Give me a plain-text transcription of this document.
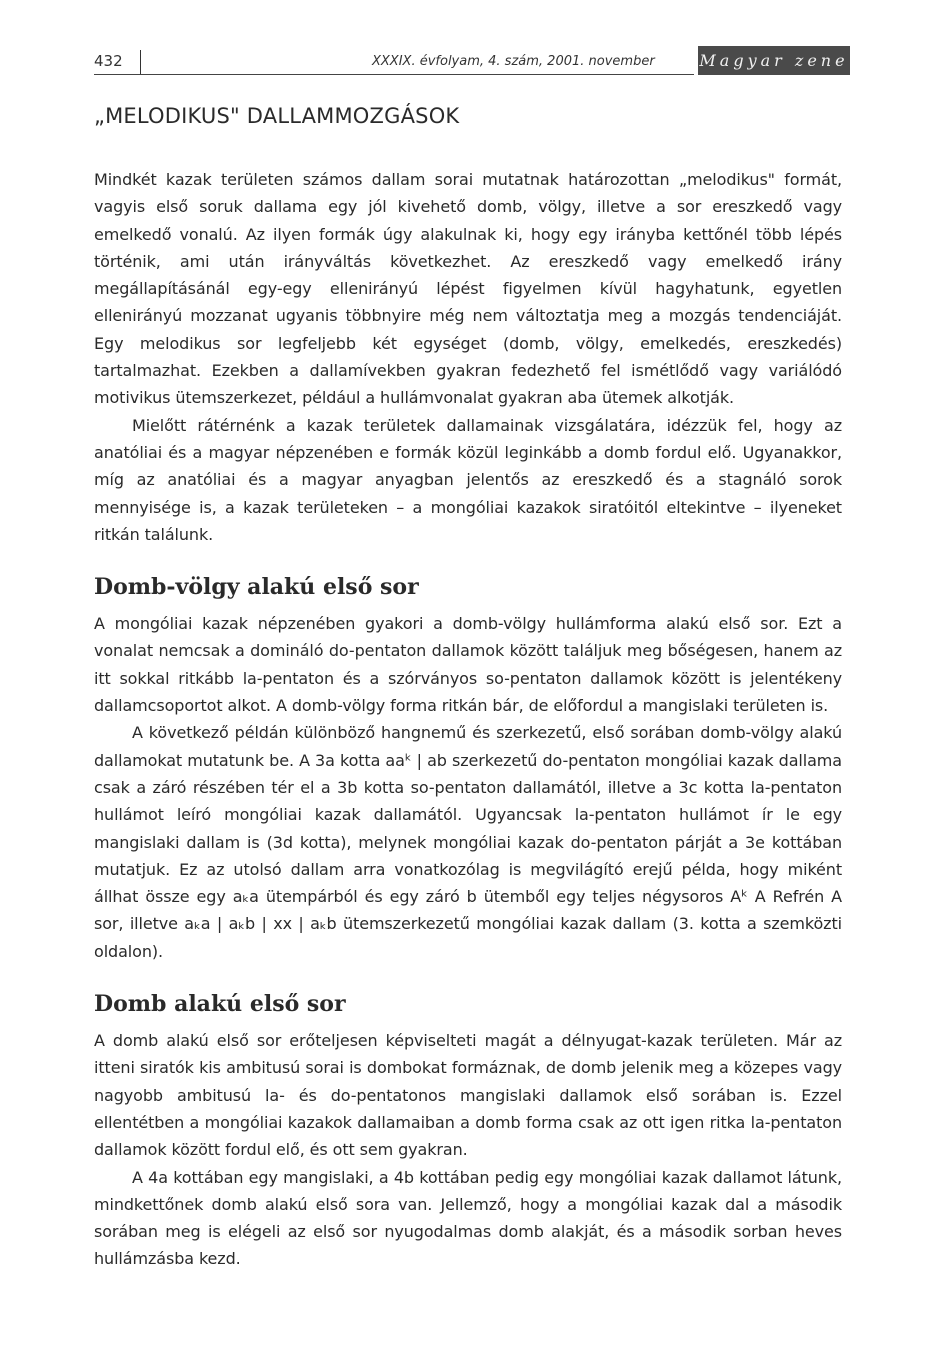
432	XXXIX. évfolyam, 4. szám, 2001. november	Magyar zene
„MELODIKUS" DALLAMMOZGÁSOK

Mindkét kazak területen számos dallam sorai mutatnak határozottan „melodikus" formát, vagyis első soruk dallama egy jól kivehető domb, völgy, illetve a sor ereszkedő vagy emelkedő vonalú. Az ilyen formák úgy alakulnak ki, hogy egy irányba kettőnél több lépés történik, ami után irányváltás következhet. Az ereszkedő vagy emelkedő irány megállapításánál egy-egy ellenirányú lépést figyelmen kívül hagyhatunk, egyetlen ellenirányú mozzanat ugyanis többnyire még nem változtatja meg a mozgás tendenciáját. Egy melodikus sor legfeljebb két egységet (domb, völgy, emelkedés, ereszkedés) tartalmazhat. Ezekben a dallamívekben gyakran fedezhető fel ismétlődő vagy variálódó motivikus ütemszerkezet, például a hullámvonalat gyakran aba ütemek alkotják.

Mielőtt rátérnénk a kazak területek dallamainak vizsgálatára, idézzük fel, hogy az anatóliai és a magyar népzenében e formák közül leginkább a domb fordul elő. Ugyanakkor, míg az anatóliai és a magyar anyagban jelentős az ereszkedő és a stagnáló sorok mennyisége is, a kazak területeken – a mongóliai kazakok siratóitól eltekintve – ilyeneket ritkán találunk.

Domb-völgy alakú első sor

A mongóliai kazak népzenében gyakori a domb-völgy hullámforma alakú első sor. Ezt a vonalat nemcsak a domináló do-pentaton dallamok között találjuk meg bőségesen, hanem az itt sokkal ritkább la-pentaton és a szórványos so-pentaton dallamok között is jelentékeny dallamcsoportot alkot. A domb-völgy forma ritkán bár, de előfordul a mangislaki területen is.

A következő példán különböző hangnemű és szerkezetű, első sorában domb-völgy alakú dallamokat mutatunk be. A 3a kotta aaᵏ | ab szerkezetű do-pentaton mongóliai kazak dallama csak a záró részében tér el a 3b kotta so-pentaton dallamától, illetve a 3c kotta la-pentaton hullámot leíró mongóliai kazak dallamától. Ugyancsak la-pentaton hullámot ír le egy mangislaki dallam is (3d kotta), melynek mongóliai kazak do-pentaton párját a 3e kottában mutatjuk. Ez az utolsó dallam arra vonatkozólag is megvilágító erejű példa, hogy miként állhat össze egy aₖa ütempárból és egy záró b ütemből egy teljes négysoros Aᵏ A Refrén A sor, illetve aₖa | aₖb | xx | aₖb ütemszerkezetű mongóliai kazak dallam (3. kotta a szemközti oldalon).

Domb alakú első sor

A domb alakú első sor erőteljesen képviselteti magát a délnyugat-kazak területen. Már az itteni siratók kis ambitusú sorai is dombokat formáznak, de domb jelenik meg a közepes vagy nagyobb ambitusú la- és do-pentatonos mangislaki dallamok első sorában is. Ezzel ellentétben a mongóliai kazakok dallamaiban a domb forma csak az ott igen ritka la-pentaton dallamok között fordul elő, és ott sem gyakran.

A 4a kottában egy mangislaki, a 4b kottában pedig egy mongóliai kazak dallamot látunk, mindkettőnek domb alakú első sora van. Jellemző, hogy a mongóliai kazak dal a második sorában meg is elégeli az első sor nyugodalmas domb alakját, és a második sorban heves hullámzásba kezd.
